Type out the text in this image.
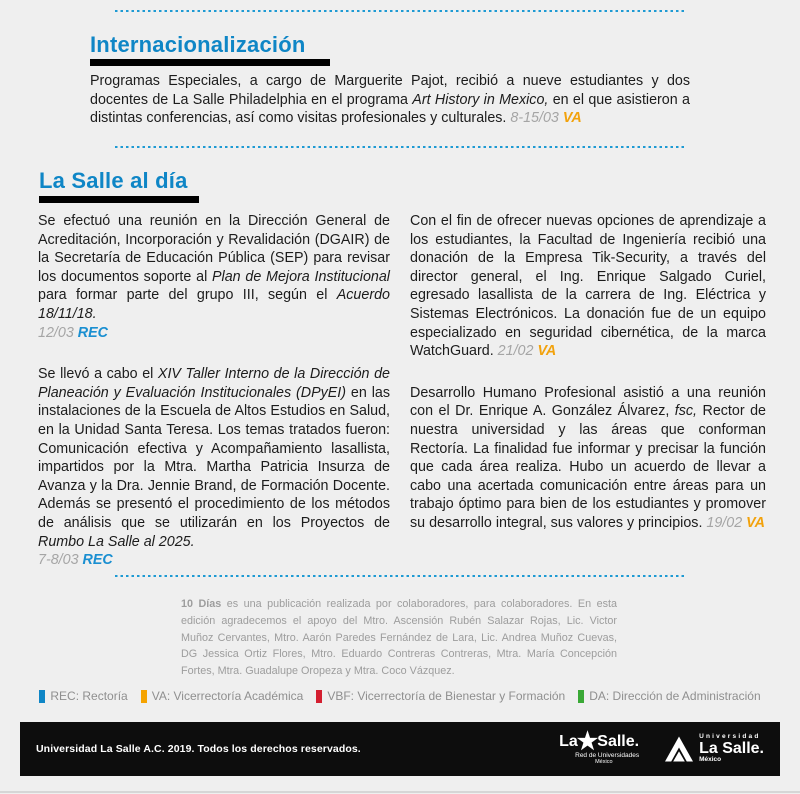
Internacionalización

Programas Especiales, a cargo de Marguerite Pajot, recibió a nueve estudiantes y dos docentes de La Salle Philadelphia en el programa Art History in Mexico, en el que asistieron a distintas conferencias, así como visitas profesionales y culturales. 8-15/03 VA

La Salle al día

Se efectuó una reunión en la Dirección General de Acreditación, Incorporación y Revalidación (DGAIR) de la Secretaría de Educación Pública (SEP) para revisar los documentos soporte al Plan de Mejora Institucional para formar parte del grupo III, según el Acuerdo 18/11/18.
12/03 REC

Se llevó a cabo el XIV Taller Interno de la Dirección de Planeación y Evaluación Institucionales (DPyEI) en las instalaciones de la Escuela de Altos Estudios en Salud, en la Unidad Santa Teresa. Los temas tratados fueron: Comunicación efectiva y Acompañamiento lasallista, impartidos por la Mtra. Martha Patricia Insurza de Avanza y la Dra. Jennie Brand, de Formación Docente. Además se presentó el procedimiento de los métodos de análisis que se utilizarán en los Proyectos de Rumbo La Salle al 2025.
7-8/03 REC

Con el fin de ofrecer nuevas opciones de aprendizaje a los estudiantes, la Facultad de Ingeniería recibió una donación de la Empresa Tik-Security, a través del director general, el Ing. Enrique Salgado Curiel, egresado lasallista de la carrera de Ing. Eléctrica y Sistemas Electrónicos. La donación fue de un equipo especializado en seguridad cibernética, de la marca WatchGuard. 21/02 VA

Desarrollo Humano Profesional asistió a una reunión con el Dr. Enrique A. González Álvarez, fsc, Rector de nuestra universidad y las áreas que conforman Rectoría. La finalidad fue informar y precisar la función que cada área realiza. Hubo un acuerdo de llevar a cabo una acertada comunicación entre áreas para un trabajo óptimo para bien de los estudiantes y promover su desarrollo integral, sus valores y principios. 19/02 VA

10 Días es una publicación realizada por colaboradores, para colaboradores. En esta edición agradecemos el apoyo del Mtro. Ascensión Rubén Salazar Rojas, Lic. Victor Muñoz Cervantes, Mtro. Aarón Paredes Fernández de Lara, Lic. Andrea Muñoz Cuevas, DG Jessica Ortiz Flores, Mtro. Eduardo Contreras Contreras, Mtra. María Concepción Fortes, Mtra. Guadalupe Oropeza y Mtra. Coco Vázquez.

REC: Rectoría VA: Vicerrectoría Académica VBF: Vicerrectoría de Bienestar y Formación DA: Dirección de Administración
Universidad La Salle A.C. 2019. Todos los derechos reservados.	La ★ Salle.
Red de Universidades
México
Universidad
La Salle.
México
